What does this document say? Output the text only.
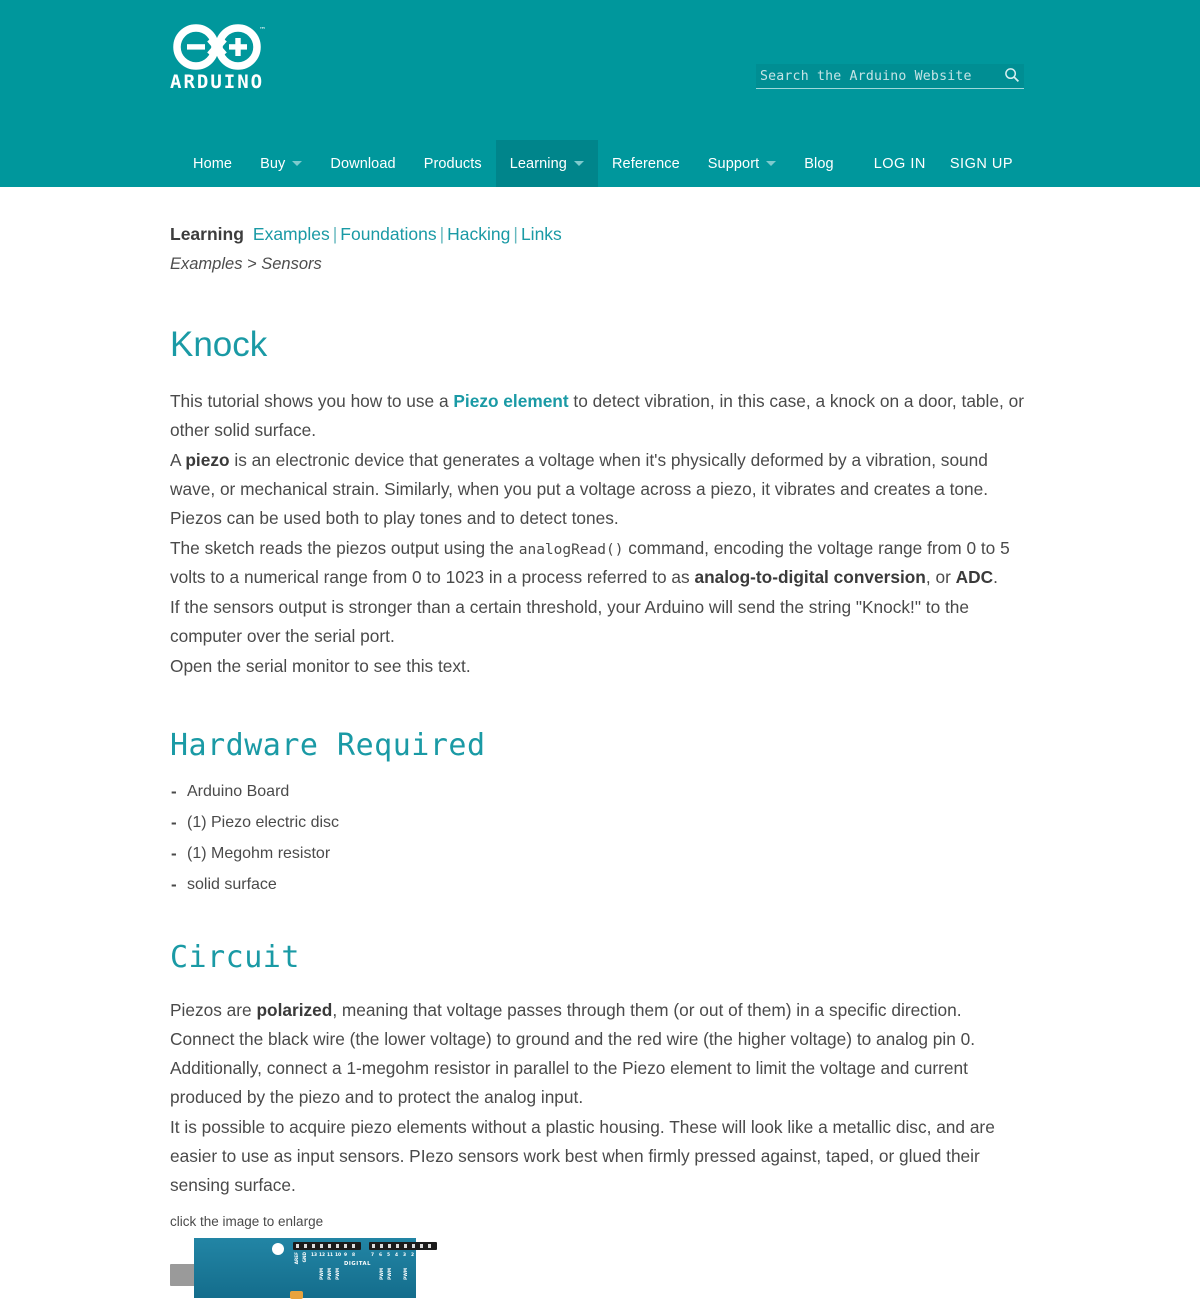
™
ARDUINO
Search the Arduino Website
Home Buy	Download Products Learning	Reference Support	Blog	LOG IN	SIGN UP
Learning Examples | Foundations | Hacking | Links
Examples > Sensors
Knock

This tutorial shows you how to use a Piezo element to detect vibration, in this case, a knock on a door, table, or other solid surface.

A piezo is an electronic device that generates a voltage when it's physically deformed by a vibration, sound wave, or mechanical strain. Similarly, when you put a voltage across a piezo, it vibrates and creates a tone. Piezos can be used both to play tones and to detect tones.

The sketch reads the piezos output using the analogRead() command, encoding the voltage range from 0 to 5 volts to a numerical range from 0 to 1023 in a process referred to as analog-to-digital conversion, or ADC.

If the sensors output is stronger than a certain threshold, your Arduino will send the string "Knock!" to the computer over the serial port.

Open the serial monitor to see this text.

Hardware Required
- Arduino Board
- (1) Piezo electric disc
- (1) Megohm resistor
- solid surface
Circuit

Piezos are polarized, meaning that voltage passes through them (or out of them) in a specific direction. Connect the black wire (the lower voltage) to ground and the red wire (the higher voltage) to analog pin 0. Additionally, connect a 1-megohm resistor in parallel to the Piezo element to limit the voltage and current produced by the piezo and to protect the analog input.

It is possible to acquire piezo elements without a plastic housing. These will look like a metallic disc, and are easier to use as input sensors. PIezo sensors work best when firmly pressed against, taped, or glued their sensing surface.

click the image to enlarge
AREF GND 13 12 11 10 9 8	7 6 5 4 3 2 TX RX
DIGITAL
PWM PWM PWM	PWM PWM	PWM
